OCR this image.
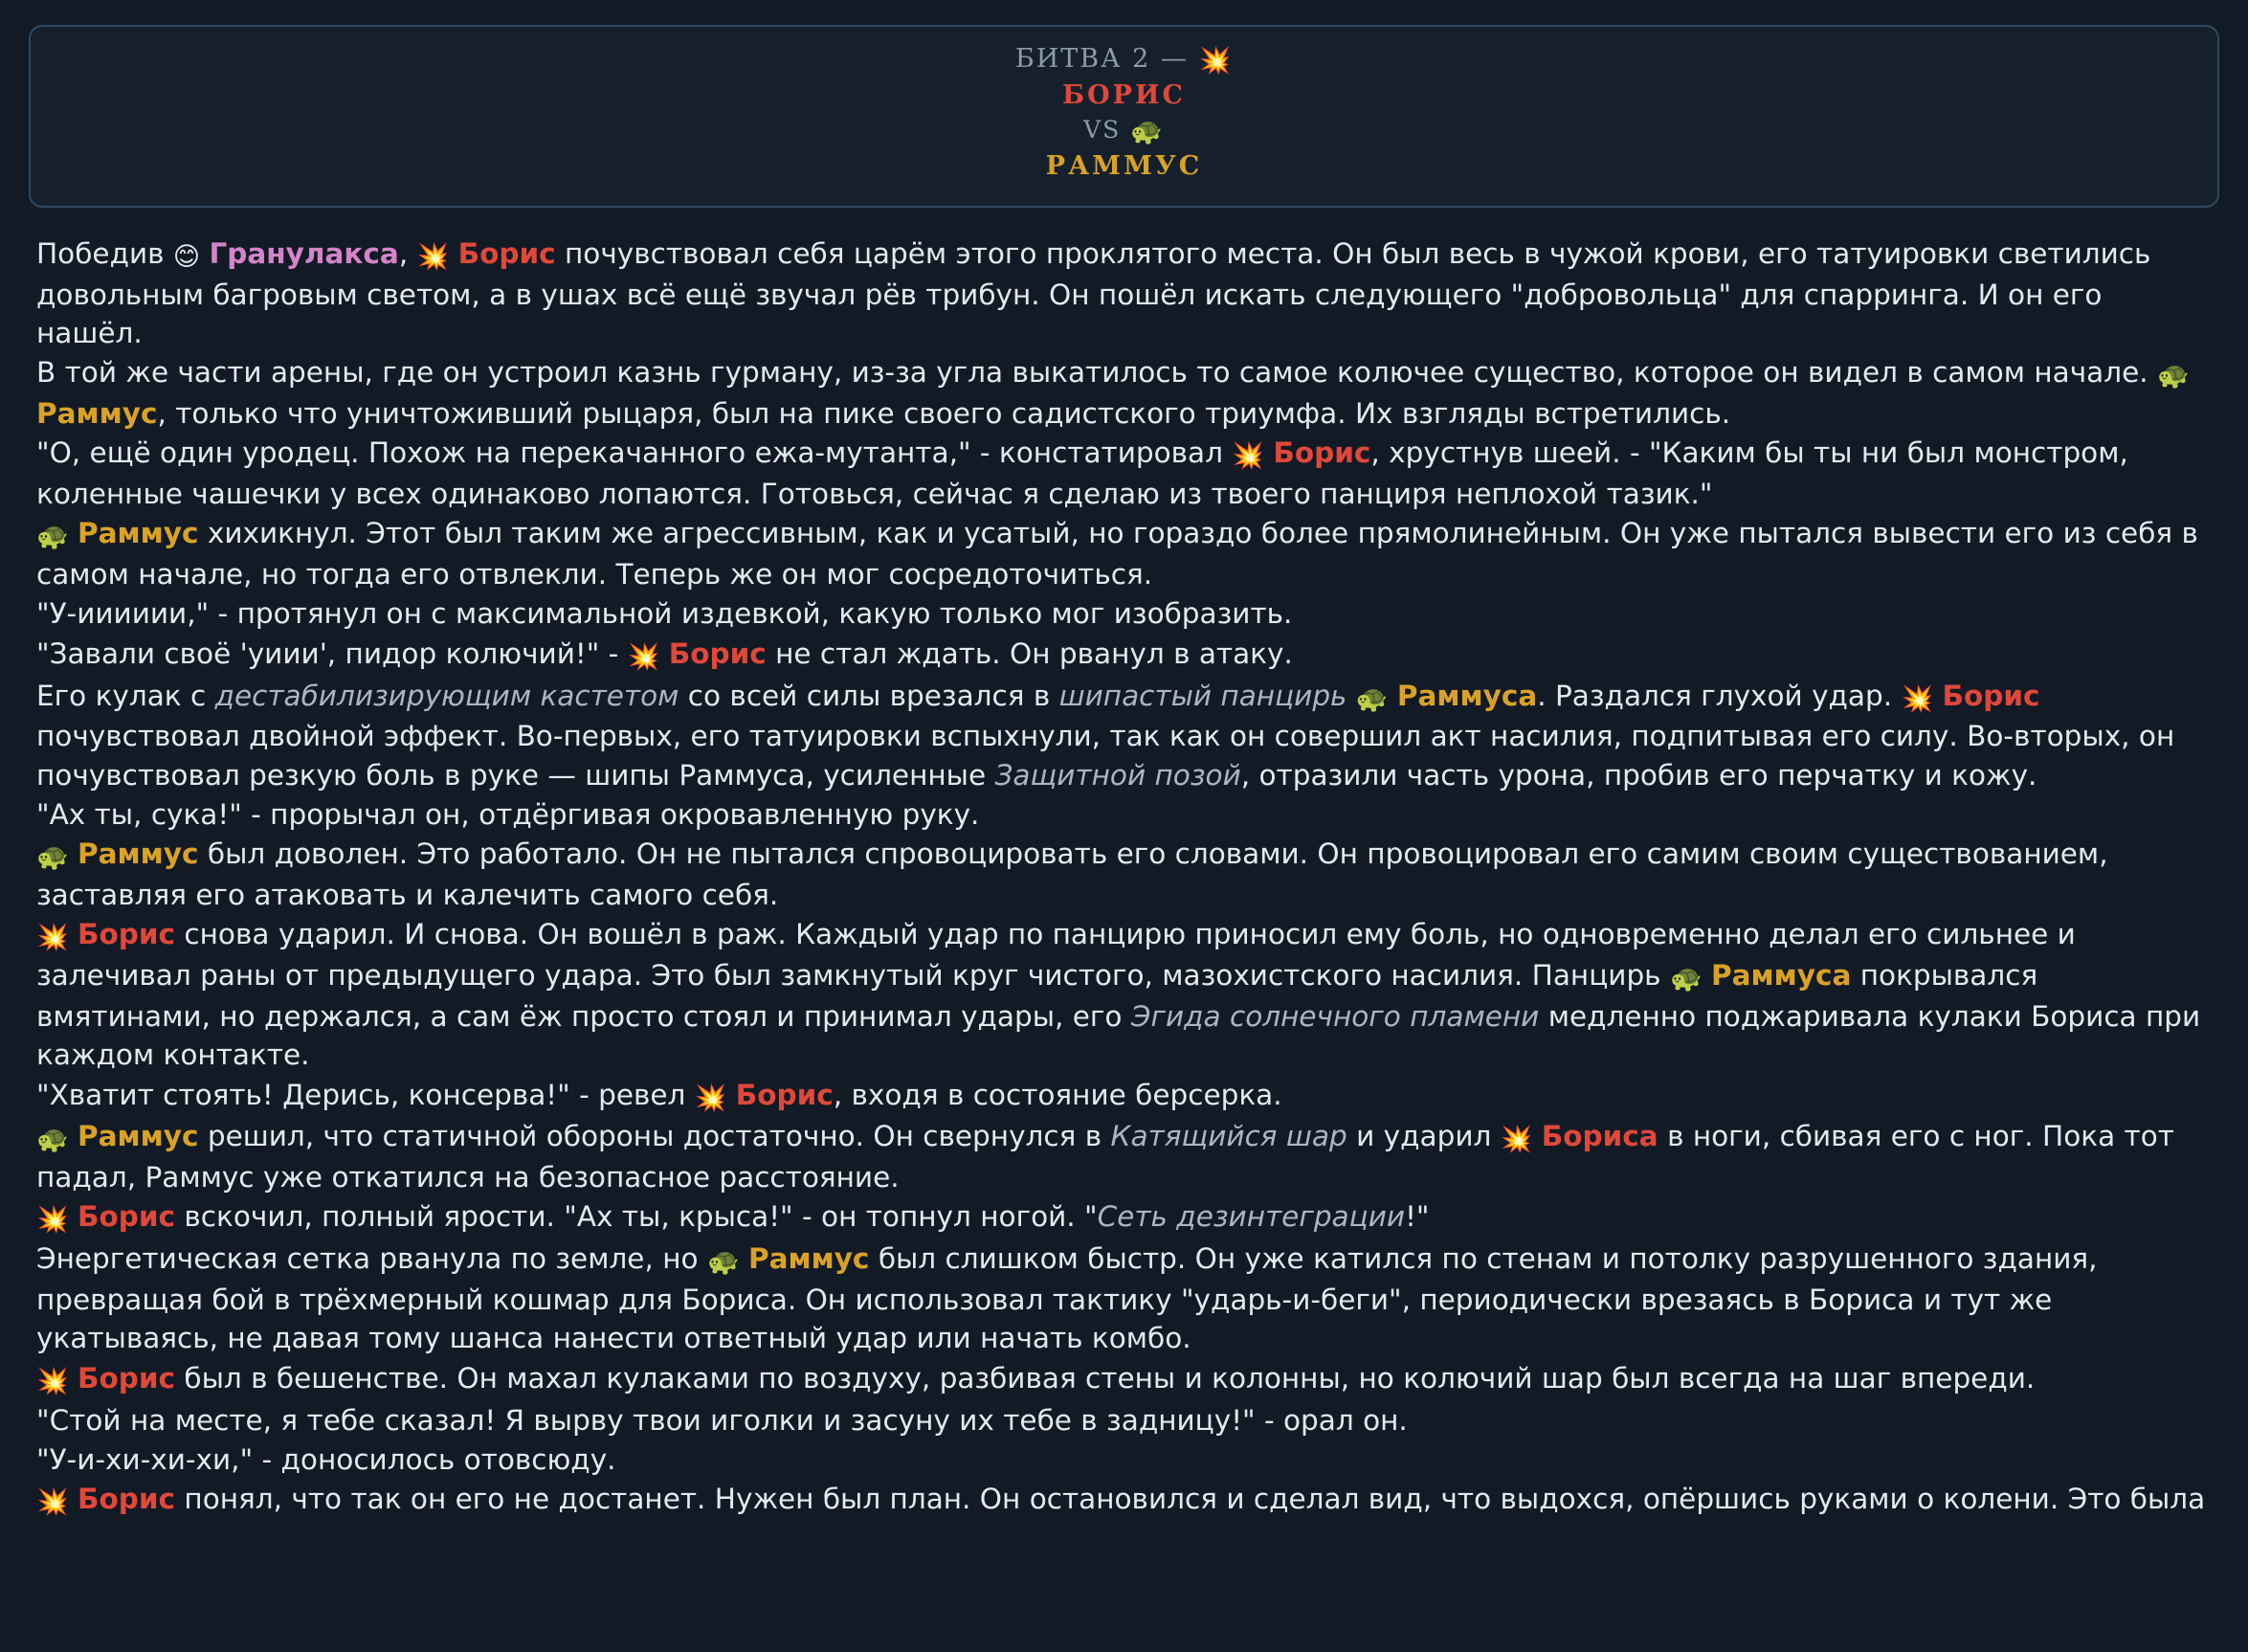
БИТВА 2 — 💥
БОРИС
VS 🐢
РАММУС
Победив 😊 Гранулакса, 💥 Борис почувствовал себя царём этого проклятого места. Он был весь в чужой крови, его татуировки светились довольным багровым светом, а в ушах всё ещё звучал рёв трибун. Он пошёл искать следующего "добровольца" для спарринга. И он его нашёл.
В той же части арены, где он устроил казнь гурману, из-за угла выкатилось то самое колючее существо, которое он видел в самом начале. 🐢 Раммус, только что уничтоживший рыцаря, был на пике своего садистского триумфа. Их взгляды встретились.
"О, ещё один уродец. Похож на перекачанного ежа-мутанта," - констатировал 💥 Борис, хрустнув шеей. - "Каким бы ты ни был монстром, коленные чашечки у всех одинаково лопаются. Готовься, сейчас я сделаю из твоего панциря неплохой тазик."
🐢 Раммус хихикнул. Этот был таким же агрессивным, как и усатый, но гораздо более прямолинейным. Он уже пытался вывести его из себя в самом начале, но тогда его отвлекли. Теперь же он мог сосредоточиться.
"У-ииииии," - протянул он с максимальной издевкой, какую только мог изобразить.
"Завали своё 'уиии', пидор колючий!" - 💥 Борис не стал ждать. Он рванул в атаку.
Его кулак с дестабилизирующим кастетом со всей силы врезался в шипастый панцирь 🐢 Раммуса. Раздался глухой удар. 💥 Борис почувствовал двойной эффект. Во-первых, его татуировки вспыхнули, так как он совершил акт насилия, подпитывая его силу. Во-вторых, он почувствовал резкую боль в руке — шипы Раммуса, усиленные Защитной позой, отразили часть урона, пробив его перчатку и кожу.
"Ах ты, сука!" - прорычал он, отдёргивая окровавленную руку.
🐢 Раммус был доволен. Это работало. Он не пытался спровоцировать его словами. Он провоцировал его самим своим существованием, заставляя его атаковать и калечить самого себя.
💥 Борис снова ударил. И снова. Он вошёл в раж. Каждый удар по панцирю приносил ему боль, но одновременно делал его сильнее и залечивал раны от предыдущего удара. Это был замкнутый круг чистого, мазохистского насилия. Панцирь 🐢 Раммуса покрывался вмятинами, но держался, а сам ёж просто стоял и принимал удары, его Эгида солнечного пламени медленно поджаривала кулаки Бориса при каждом контакте.
"Хватит стоять! Дерись, консерва!" - ревел 💥 Борис, входя в состояние берсерка.
🐢 Раммус решил, что статичной обороны достаточно. Он свернулся в Катящийся шар и ударил 💥 Бориса в ноги, сбивая его с ног. Пока тот падал, Раммус уже откатился на безопасное расстояние.
💥 Борис вскочил, полный ярости. "Ах ты, крыса!" - он топнул ногой. "Сеть дезинтеграции!"
Энергетическая сетка рванула по земле, но 🐢 Раммус был слишком быстр. Он уже катился по стенам и потолку разрушенного здания, превращая бой в трёхмерный кошмар для Бориса. Он использовал тактику "ударь-и-беги", периодически врезаясь в Бориса и тут же укатываясь, не давая тому шанса нанести ответный удар или начать комбо.
💥 Борис был в бешенстве. Он махал кулаками по воздуху, разбивая стены и колонны, но колючий шар был всегда на шаг впереди.
"Стой на месте, я тебе сказал! Я вырву твои иголки и засуну их тебе в задницу!" - орал он.
"У-и-хи-хи-хи," - доносилось отовсюду.
💥 Борис понял, что так он его не достанет. Нужен был план. Он остановился и сделал вид, что выдохся, опёршись руками о колени. Это была
